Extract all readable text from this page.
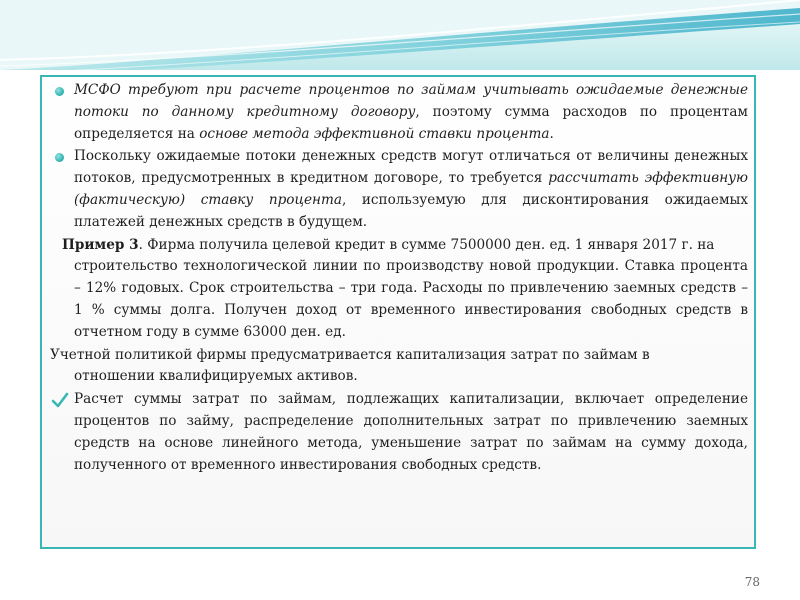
МСФО требуют при расчете процентов по займам учитывать ожидаемые денежные потоки по данному кредитному договору, поэтому сумма расходов по процентам определяется на основе метода эффективной ставки процента.

Поскольку ожидаемые потоки денежных средств могут отличаться от величины денежных потоков, предусмотренных в кредитном договоре, то требуется рассчитать эффективную (фактическую) ставку процента, используемую для дисконтирования ожидаемых платежей денежных средств в будущем.

Пример 3. Фирма получила целевой кредит в сумме 7500000 ден. ед. 1 января 2017 г. на
строительство технологической линии по производству новой продукции. Ставка процента – 12% годовых. Срок строительства – три года. Расходы по привлечению заемных средств – 1 % суммы долга. Получен доход от временного инвестирования свободных средств в отчетном году в сумме 63000 ден. ед.

Учетной политикой фирмы предусматривается капитализация затрат по займам в
отношении квалифицируемых активов.

Расчет суммы затрат по займам, подлежащих капитализации, включает определение процентов по займу, распределение дополнительных затрат по привлечению заемных средств на основе линейного метода, уменьшение затрат по займам на сумму дохода, полученного от временного инвестирования свободных средств.

78
